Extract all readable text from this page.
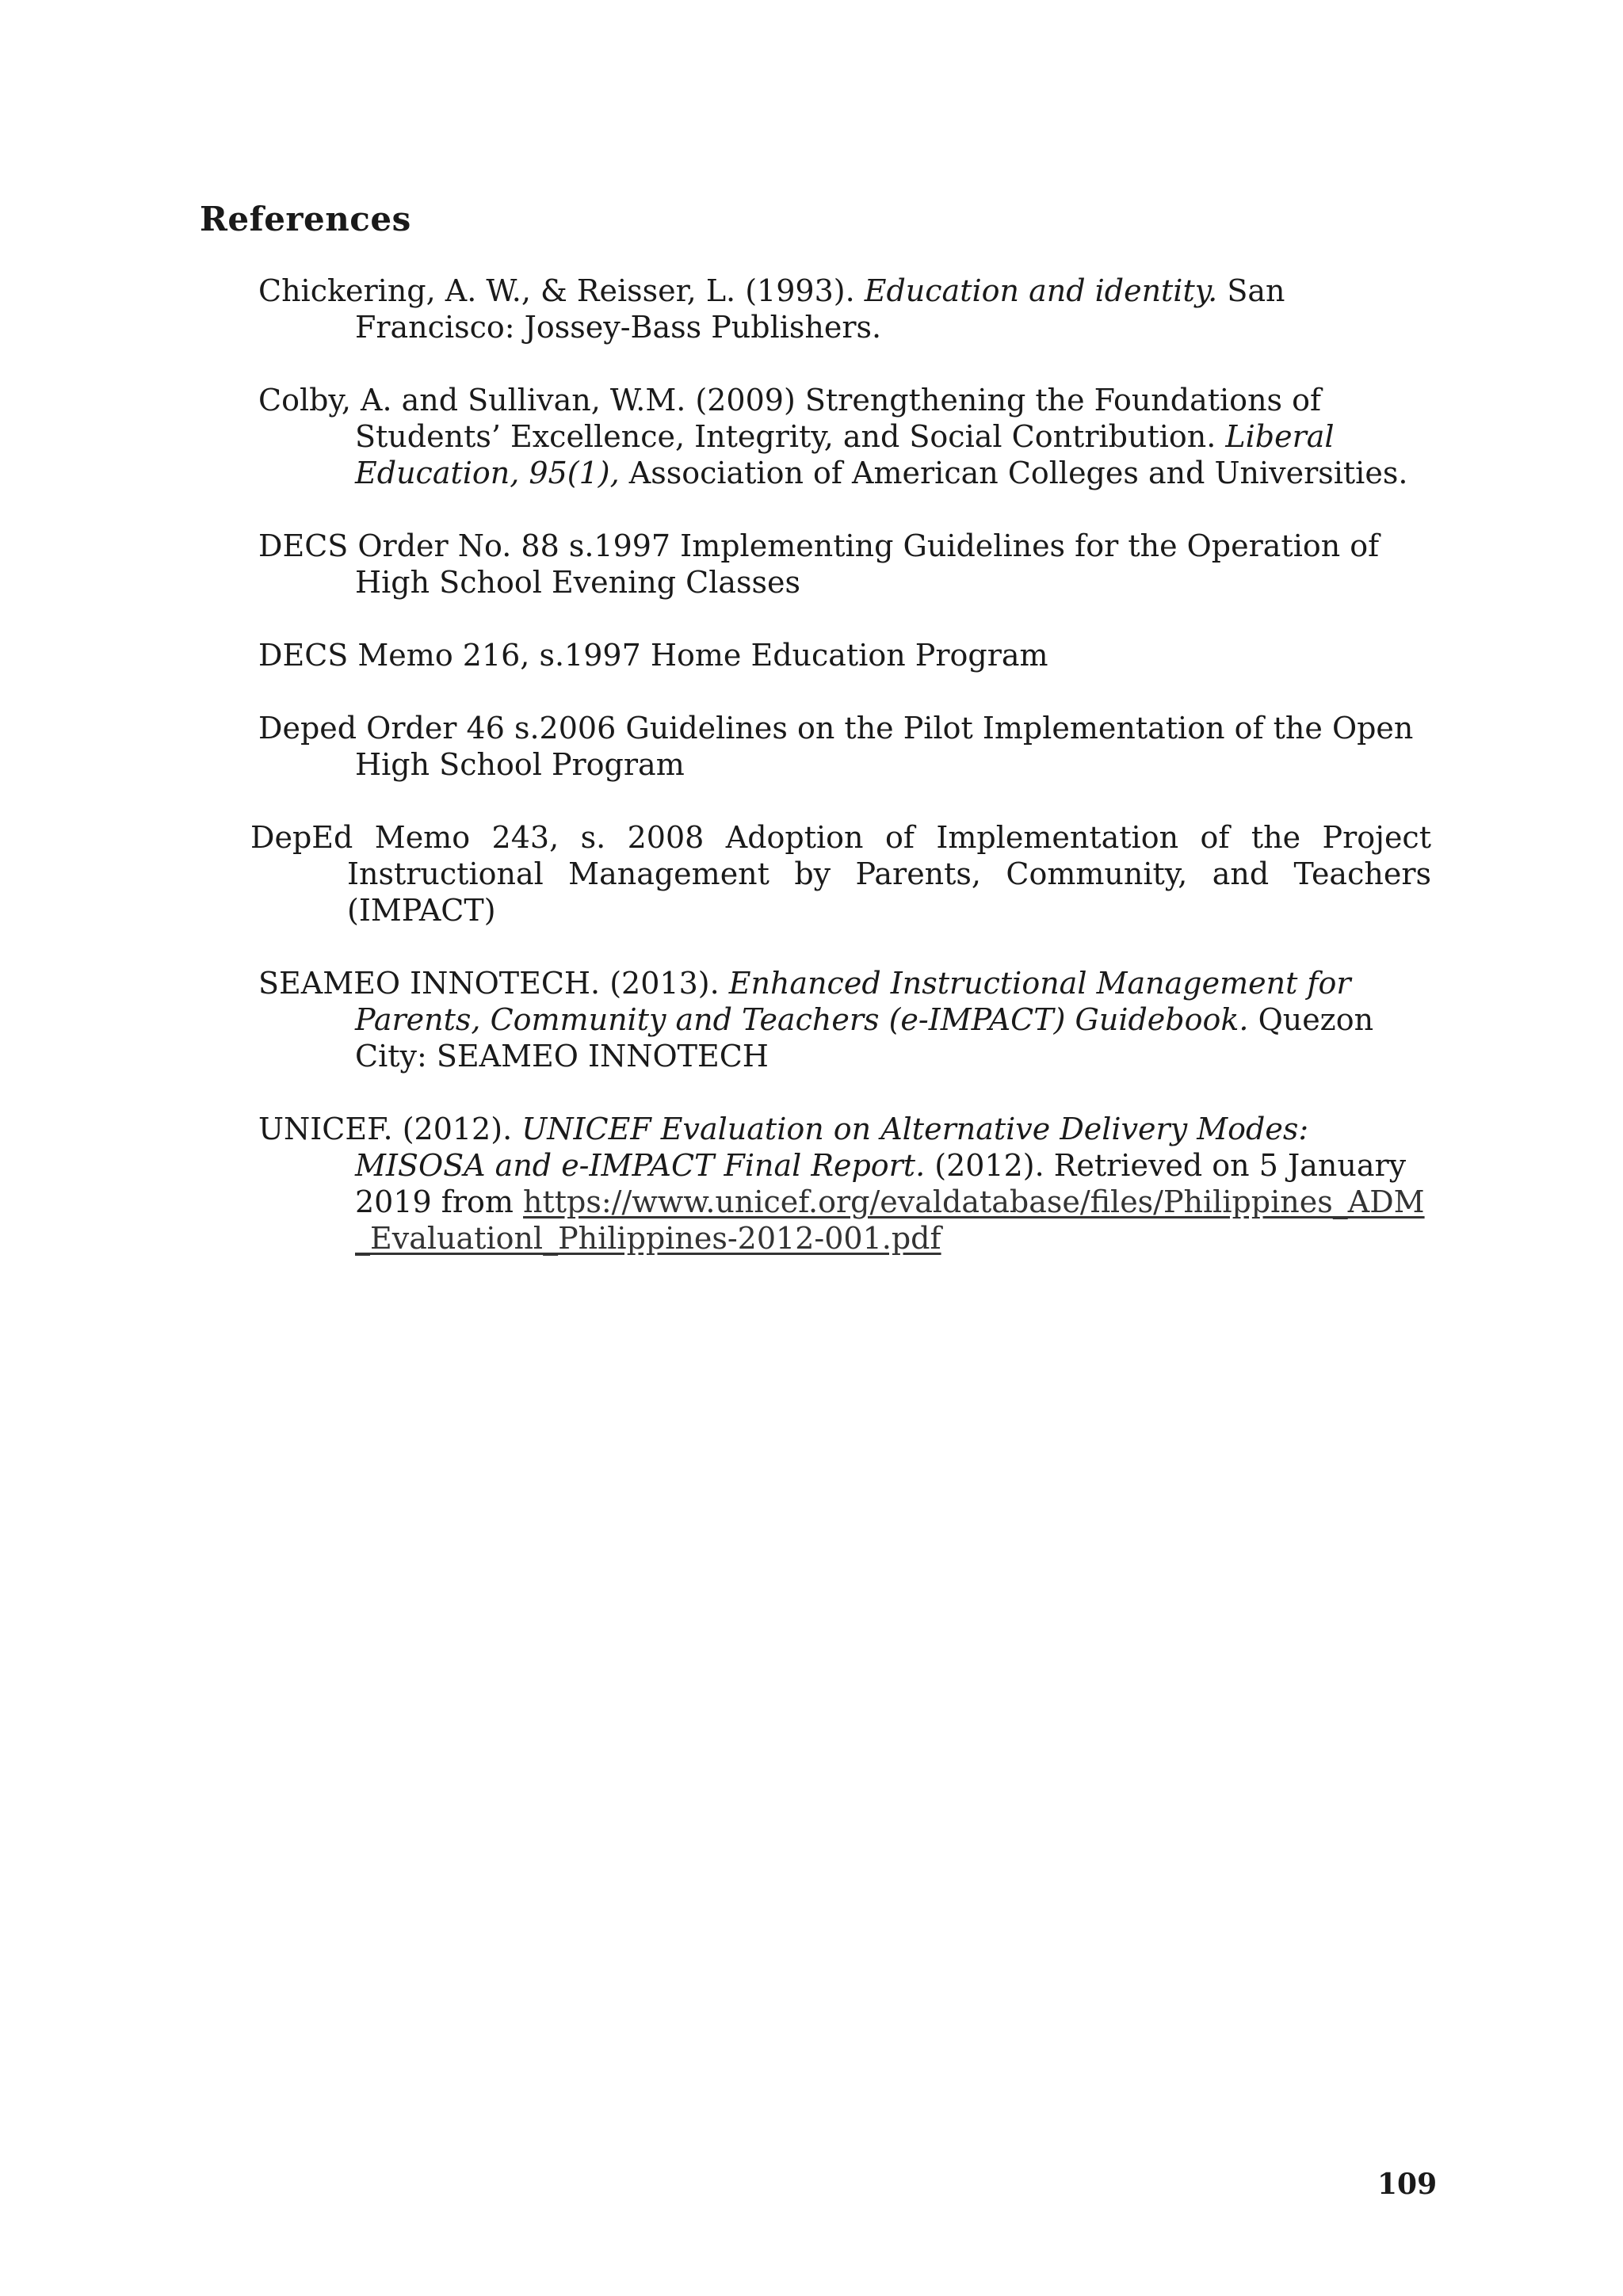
References
Chickering, A. W., & Reisser, L. (1993). Education and identity. San Francisco: Jossey-Bass Publishers.
Colby, A. and Sullivan, W.M. (2009) Strengthening the Foundations of Students’ Excellence, Integrity, and Social Contribution. Liberal Education, 95(1), Association of American Colleges and Universities.
DECS Order No. 88 s.1997 Implementing Guidelines for the Operation of High School Evening Classes
DECS Memo 216, s.1997 Home Education Program
Deped Order 46 s.2006 Guidelines on the Pilot Implementation of the Open High School Program
DepEd Memo 243, s. 2008 Adoption of Implementation of the Project Instructional Management by Parents, Community, and Teachers (IMPACT)
SEAMEO INNOTECH. (2013). Enhanced Instructional Management for Parents, Community and Teachers (e-IMPACT) Guidebook. Quezon City: SEAMEO INNOTECH
UNICEF. (2012). UNICEF Evaluation on Alternative Delivery Modes: MISOSA and e-IMPACT Final Report. (2012). Retrieved on 5 January 2019 from https://www.unicef.org/evaldatabase/files/Philippines_ADM_Evaluationl_Philippines-2012-001.pdf

109
